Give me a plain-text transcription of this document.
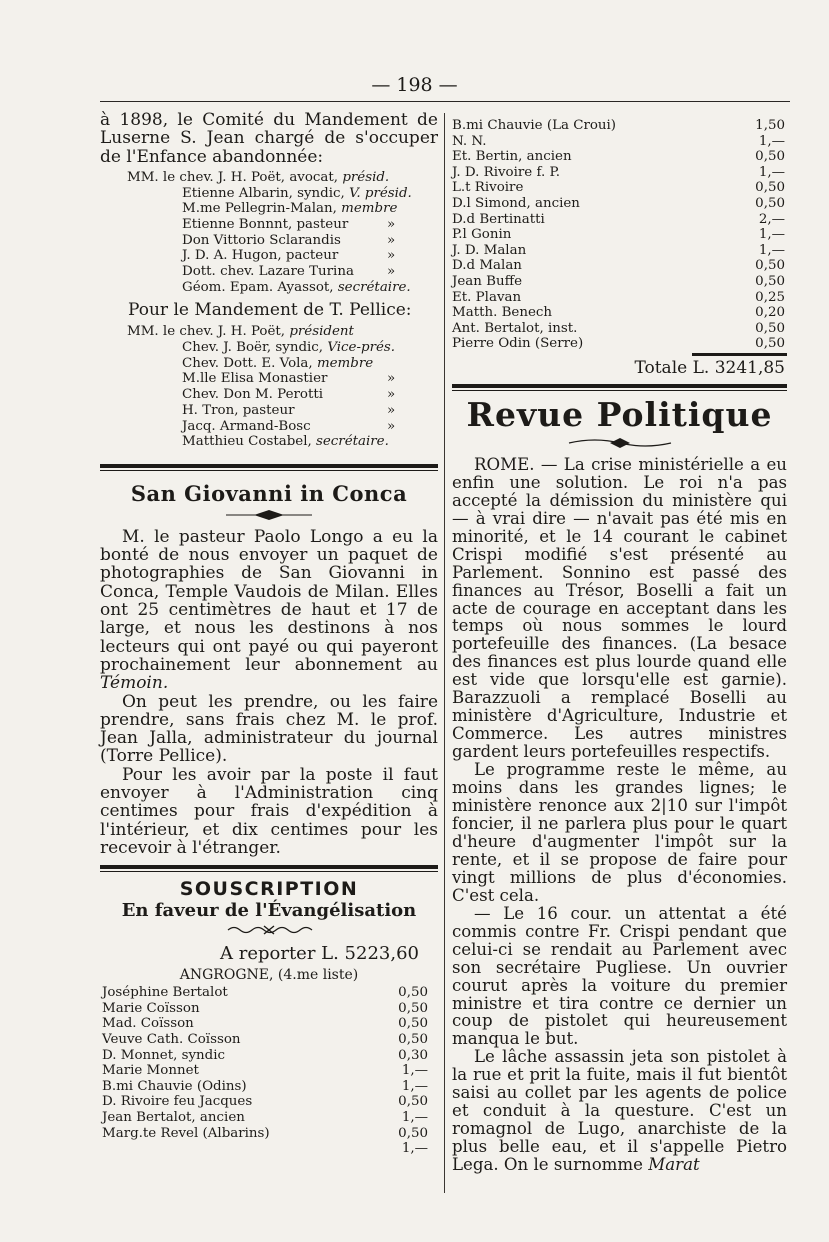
— 198 —

à 1898, le Comité du Mandement de Luserne S. Jean chargé de s'occuper de l'Enfance abandonnée:

MM. le chev. J. H. Poët, avocat, présid.
Etienne Albarin, syndic, V. présid.
M.me Pellegrin-Malan, membre
Etienne Bonnnt, pasteur	»
Don Vittorio Sclarandis	»
J. D. A. Hugon, pacteur	»
Dott. chev. Lazare Turina »
Géom. Epam. Ayassot, secrétaire.

Pour le Mandement de T. Pellice:

MM. le chev. J. H. Poët, président
Chev. J. Boër, syndic, Vice-prés.
Chev. Dott. E. Vola, membre
M.lle Elisa Monastier	»
Chev. Don M. Perotti	»
H. Tron, pasteur	»
Jacq. Armand-Bosc	»
Matthieu Costabel, secrétaire.

San Giovanni in Conca

M. le pasteur Paolo Longo a eu la bonté de nous envoyer un paquet de photographies de San Giovanni in Conca, Temple Vaudois de Milan. Elles ont 25 centimètres de haut et 17 de large, et nous les destinons à nos lecteurs qui ont payé ou qui payeront prochainement leur abonnement au Témoin.

On peut les prendre, ou les faire prendre, sans frais chez M. le prof. Jean Jalla, administrateur du journal (Torre Pellice).

Pour les avoir par la poste il faut envoyer à l'Administration cinq centimes pour frais d'expédition à l'intérieur, et dix centimes pour les recevoir à l'étranger.

SOUSCRIPTION

En faveur de l'Évangélisation

A reporter L. 5223,60

ANGROGNE, (4.me liste)

Joséphine Bertalot	0,50
Marie Coïsson	0,50
Mad. Coïsson	0,50
Veuve Cath. Coïsson	0,50
D. Monnet, syndic	0,30
Marie Monnet	1,—
B.mi Chauvie (Odins)	1,—
D. Rivoire feu Jacques	0,50
Jean Bertalot, ancien	1,—
Marg.te Revel (Albarins)	0,50
1,—
B.mi Chauvie (La Croui)	1,50
N. N.	1,—
Et. Bertin, ancien	0,50
J. D. Rivoire f. P.	1,—
L.t Rivoire	0,50
D.l Simond, ancien	0,50
D.d Bertinatti	2,—
P.l Gonin	1,—
J. D. Malan	1,—
D.d Malan	0,50
Jean Buffe	0,50
Et. Plavan	0,25
Matth. Benech	0,20
Ant. Bertalot, inst.	0,50
Pierre Odin (Serre)	0,50

Totale L. 3241,85

Revue Politique

ROME. — La crise ministérielle a eu enfin une solution. Le roi n'a pas accepté la démission du ministère qui — à vrai dire — n'avait pas été mis en minorité, et le 14 courant le cabinet Crispi modifié s'est présenté au Parlement. Sonnino est passé des finances au Trésor, Boselli a fait un acte de courage en acceptant dans les temps où nous sommes le lourd portefeuille des finances. (La besace des finances est plus lourde quand elle est vide que lorsqu'elle est garnie). Barazzuoli a remplacé Boselli au ministère d'Agriculture, Industrie et Commerce. Les autres ministres gardent leurs portefeuilles respectifs.

Le programme reste le même, au moins dans les grandes lignes; le ministère renonce aux 2|10 sur l'impôt foncier, il ne parlera plus pour le quart d'heure d'augmenter l'impôt sur la rente, et il se propose de faire pour vingt millions de plus d'économies. C'est cela.

— Le 16 cour. un attentat a été commis contre Fr. Crispi pendant que celui-ci se rendait au Parlement avec son secrétaire Pugliese. Un ouvrier courut après la voiture du premier ministre et tira contre ce dernier un coup de pistolet qui heureusement manqua le but.

Le lâche assassin jeta son pistolet à la rue et prit la fuite, mais il fut bientôt saisi au collet par les agents de police et conduit à la questure. C'est un romagnol de Lugo, anarchiste de la plus belle eau, et il s'appelle Pietro Lega. On le surnomme Marat
